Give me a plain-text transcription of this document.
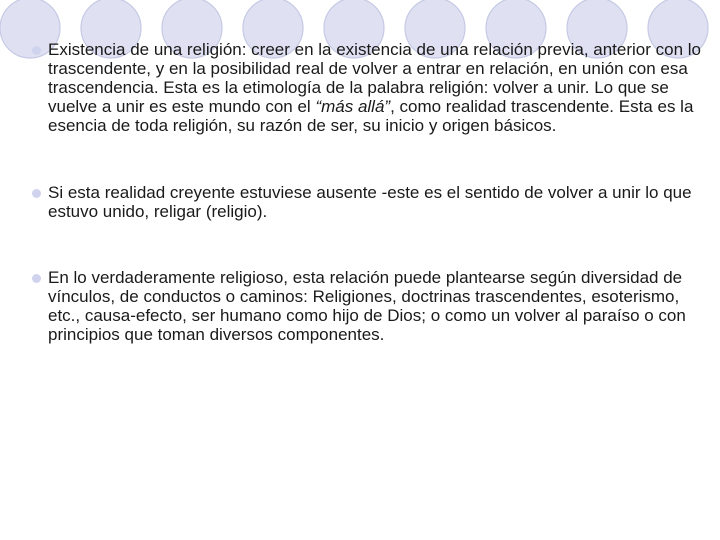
Existencia de una religión: creer en la existencia de una relación previa, anterior con lo trascendente, y en la posibilidad real de volver a entrar en relación, en unión con esa trascendencia. Esta es la etimología de la palabra religión: volver a unir. Lo que se vuelve a unir es este mundo con el “más allá”, como realidad trascendente. Esta es la esencia de toda religión, su razón de ser, su inicio y origen básicos.
Si esta realidad creyente estuviese ausente -este es el sentido de volver a unir lo que estuvo unido, religar (religio).
En lo verdaderamente religioso, esta relación puede plantearse según diversidad de vínculos, de conductos o caminos: Religiones, doctrinas trascendentes, esoterismo, etc., causa-efecto, ser humano como hijo de Dios; o como un volver al paraíso o con principios que toman diversos componentes.
